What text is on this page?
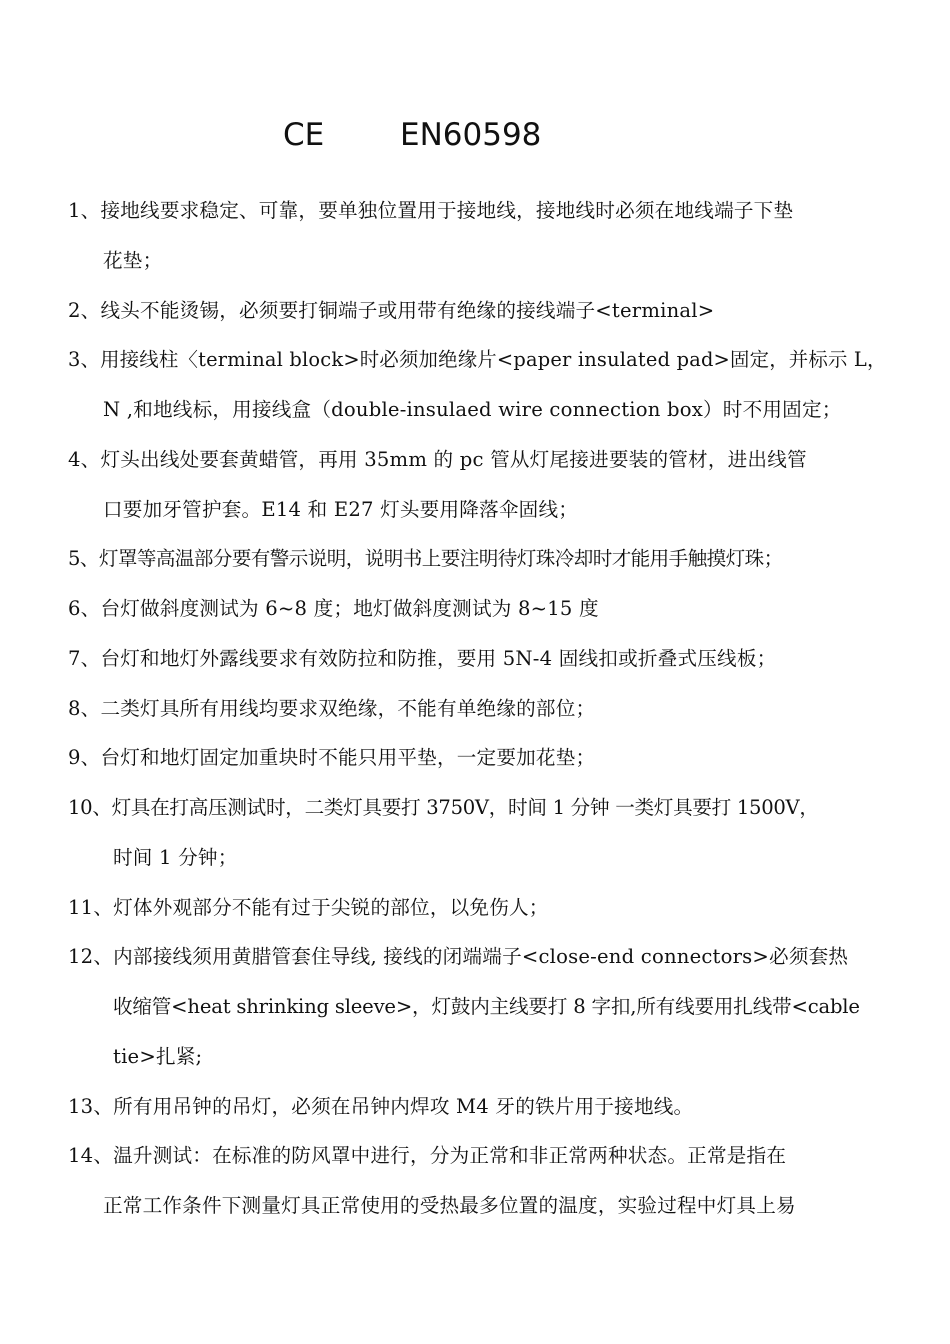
CE EN60598
1、接地线要求稳定、可靠，要单独位置用于接地线，接地线时必须在地线端子下垫
花垫；
2、线头不能烫锡，必须要打铜端子或用带有绝缘的接线端子<terminal>
3、用接线柱〈terminal block>时必须加绝缘片<paper insulated pad>固定，并标示 L，
N ,和地线标，用接线盒（double-insulaed wire connection box）时不用固定；
4、灯头出线处要套黄蜡管，再用 35mm 的 pc 管从灯尾接进要装的管材，进出线管
口要加牙管护套。E14 和 E27 灯头要用降落伞固线；
5、灯罩等高温部分要有警示说明，说明书上要注明待灯珠冷却时才能用手触摸灯珠；
6、台灯做斜度测试为 6~8 度；地灯做斜度测试为 8~15 度
7、台灯和地灯外露线要求有效防拉和防推，要用 5N-4 固线扣或折叠式压线板；
8、二类灯具所有用线均要求双绝缘，不能有单绝缘的部位；
9、台灯和地灯固定加重块时不能只用平垫，一定要加花垫；
10、灯具在打高压测试时，二类灯具要打 3750V，时间 1 分钟 一类灯具要打 1500V，
时间 1 分钟；
11、灯体外观部分不能有过于尖锐的部位，以免伤人；
12、内部接线须用黄腊管套住导线, 接线的闭端端子<close-end connectors>必须套热
收缩管<heat shrinking sleeve>，灯鼓内主线要打 8 字扣,所有线要用扎线带<cable
tie>扎紧;
13、所有用吊钟的吊灯，必须在吊钟内焊攻 M4 牙的铁片用于接地线。
14、温升测试：在标准的防风罩中进行，分为正常和非正常两种状态。正常是指在
正常工作条件下测量灯具正常使用的受热最多位置的温度，实验过程中灯具上易
